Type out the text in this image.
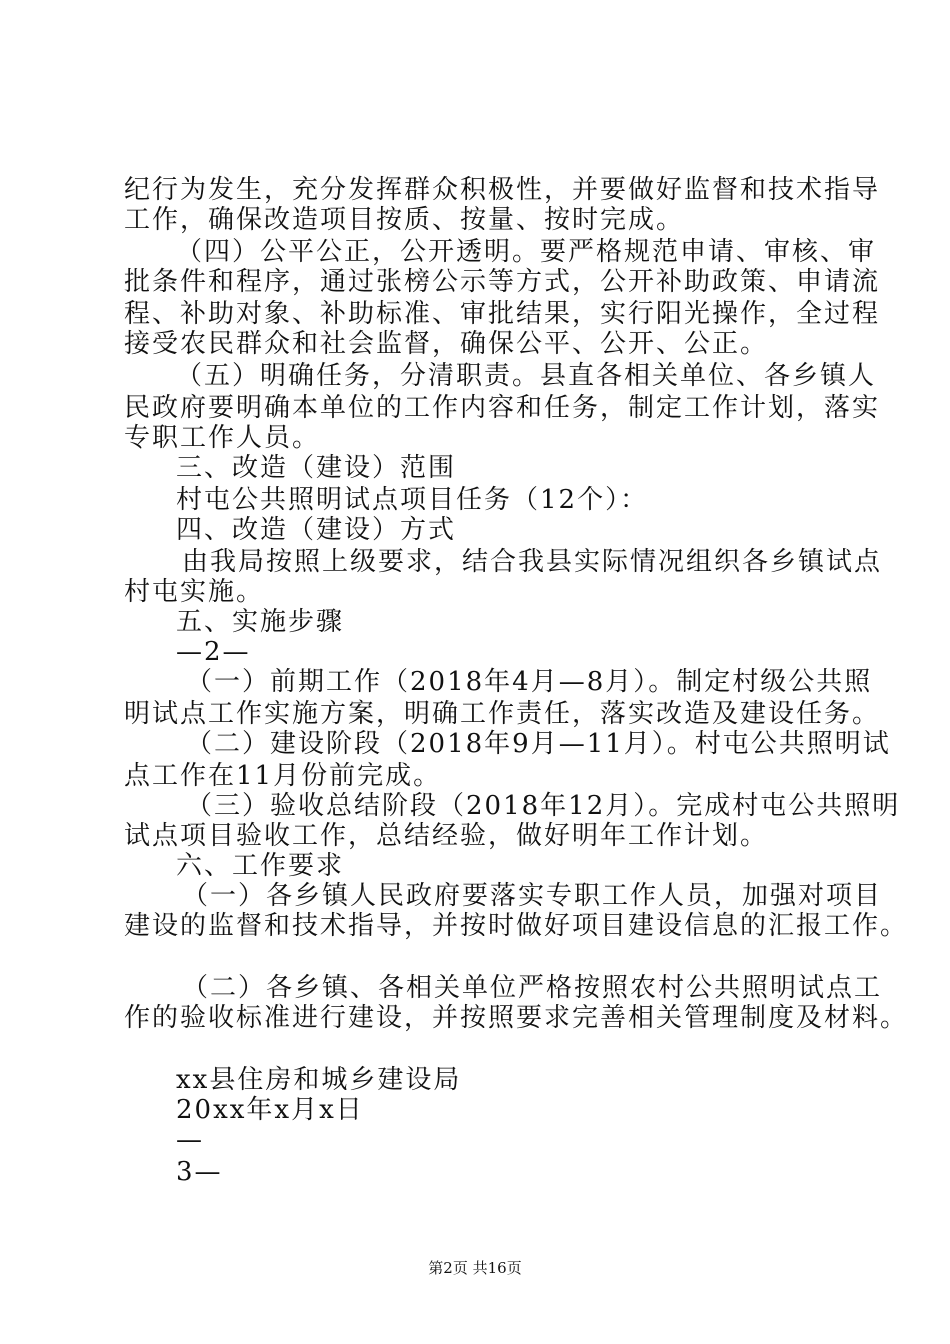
纪行为发生，充分发挥群众积极性，并要做好监督和技术指导
工作，确保改造项目按质、按量、按时完成。
（四）公平公正，公开透明。要严格规范申请、审核、审
批条件和程序，通过张榜公示等方式，公开补助政策、申请流
程、补助对象、补助标准、审批结果，实行阳光操作，全过程
接受农民群众和社会监督，确保公平、公开、公正。
（五）明确任务，分清职责。县直各相关单位、各乡镇人
民政府要明确本单位的工作内容和任务，制定工作计划，落实
专职工作人员。
三、改造（建设）范围
村屯公共照明试点项目任务（12个）：
四、改造（建设）方式
由我局按照上级要求，结合我县实际情况组织各乡镇试点
村屯实施。
五、实施步骤
—2—
（一）前期工作（2018年4月—8月）。制定村级公共照
明试点工作实施方案，明确工作责任，落实改造及建设任务。
（二）建设阶段（2018年9月—11月）。村屯公共照明试
点工作在11月份前完成。
（三）验收总结阶段（2018年12月）。完成村屯公共照明
试点项目验收工作，总结经验，做好明年工作计划。
六、工作要求
（一）各乡镇人民政府要落实专职工作人员，加强对项目
建设的监督和技术指导，并按时做好项目建设信息的汇报工作。
（二）各乡镇、各相关单位严格按照农村公共照明试点工
作的验收标准进行建设，并按照要求完善相关管理制度及材料。
xx县住房和城乡建设局
20xx年x月x日
—
3—
第2页 共16页
